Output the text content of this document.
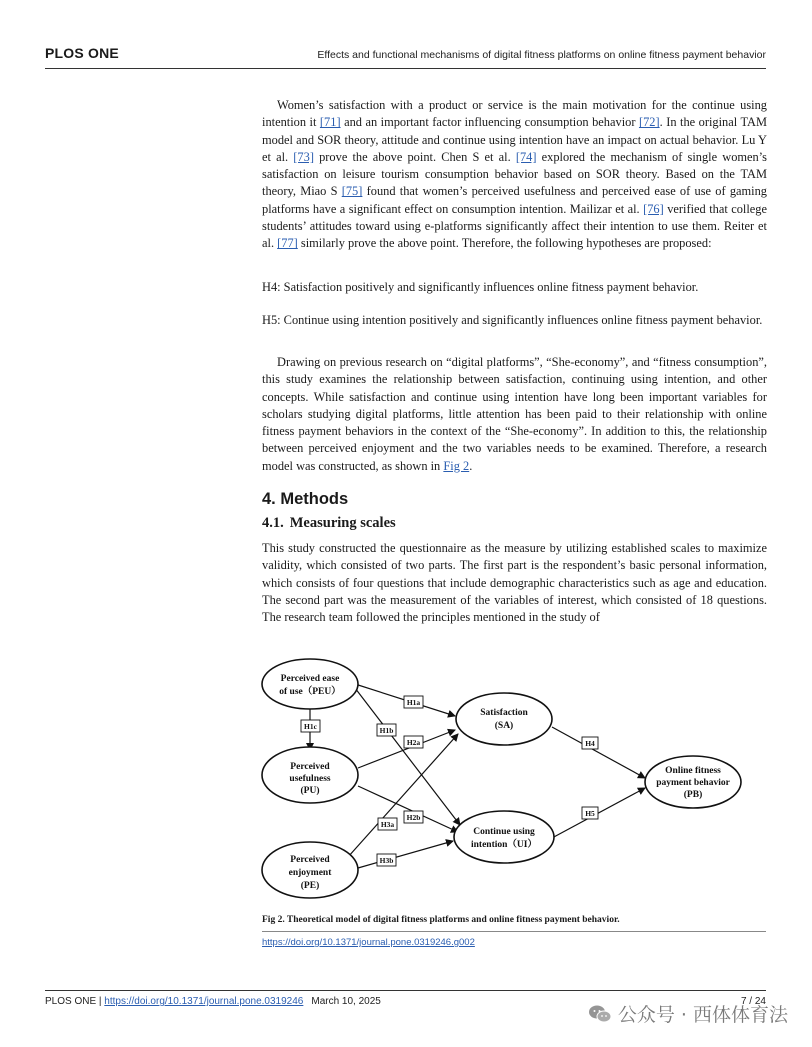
PLOS ONE	Effects and functional mechanisms of digital fitness platforms on online fitness payment behavior

Women’s satisfaction with a product or service is the main motivation for the continue using intention it [71] and an important factor influencing consumption behavior [72]. In the original TAM model and SOR theory, attitude and continue using intention have an impact on actual behavior. Lu Y et al. [73] prove the above point. Chen S et al. [74] explored the mechanism of single women’s satisfaction on leisure tourism consumption behavior based on SOR theory. Based on the TAM theory, Miao S [75] found that women’s perceived usefulness and perceived ease of use of gaming platforms have a significant effect on consumption intention. Mailizar et al. [76] verified that college students’ attitudes toward using e-platforms significantly affect their intention to use them. Reiter et al. [77] similarly prove the above point. Therefore, the following hypotheses are proposed:

H4: Satisfaction positively and significantly influences online fitness payment behavior.

H5: Continue using intention positively and significantly influences online fitness payment behavior.

Drawing on previous research on “digital platforms”, “She-economy”, and “fitness consumption”, this study examines the relationship between satisfaction, continuing using intention, and other concepts. While satisfaction and continue using intention have long been important variables for scholars studying digital platforms, little attention has been paid to their relationship with online fitness payment behaviors in the context of the “She-economy”. In addition to this, the relationship between perceived enjoyment and the two variables needs to be examined. Therefore, a research model was constructed, as shown in Fig 2.

4. Methods
4.1. Measuring scales

This study constructed the questionnaire as the measure by utilizing established scales to maximize validity, which consisted of two parts. The first part is the respondent’s basic personal information, which consists of four questions that include demographic characteristics such as age and education. The second part was the measurement of the variables of interest, which consisted of 18 questions. The research team followed the principles mentioned in the study of

Perceived ease
of use（PEU）
Perceived
usefulness
(PU)
Perceived
enjoyment
(PE)
Satisfaction
(SA)
Continue using
intention（UI）
Online fitness
payment behavior
(PB)
H1a
H1b
H1c
H2a
H2b
H3a
H3b
H4
H5
Fig 2. Theoretical model of digital fitness platforms and online fitness payment behavior.
https://doi.org/10.1371/journal.pone.0319246.g002
PLOS ONE | https://doi.org/10.1371/journal.pone.0319246 March 10, 2025	7 / 24
公众号 · 西体体育法
